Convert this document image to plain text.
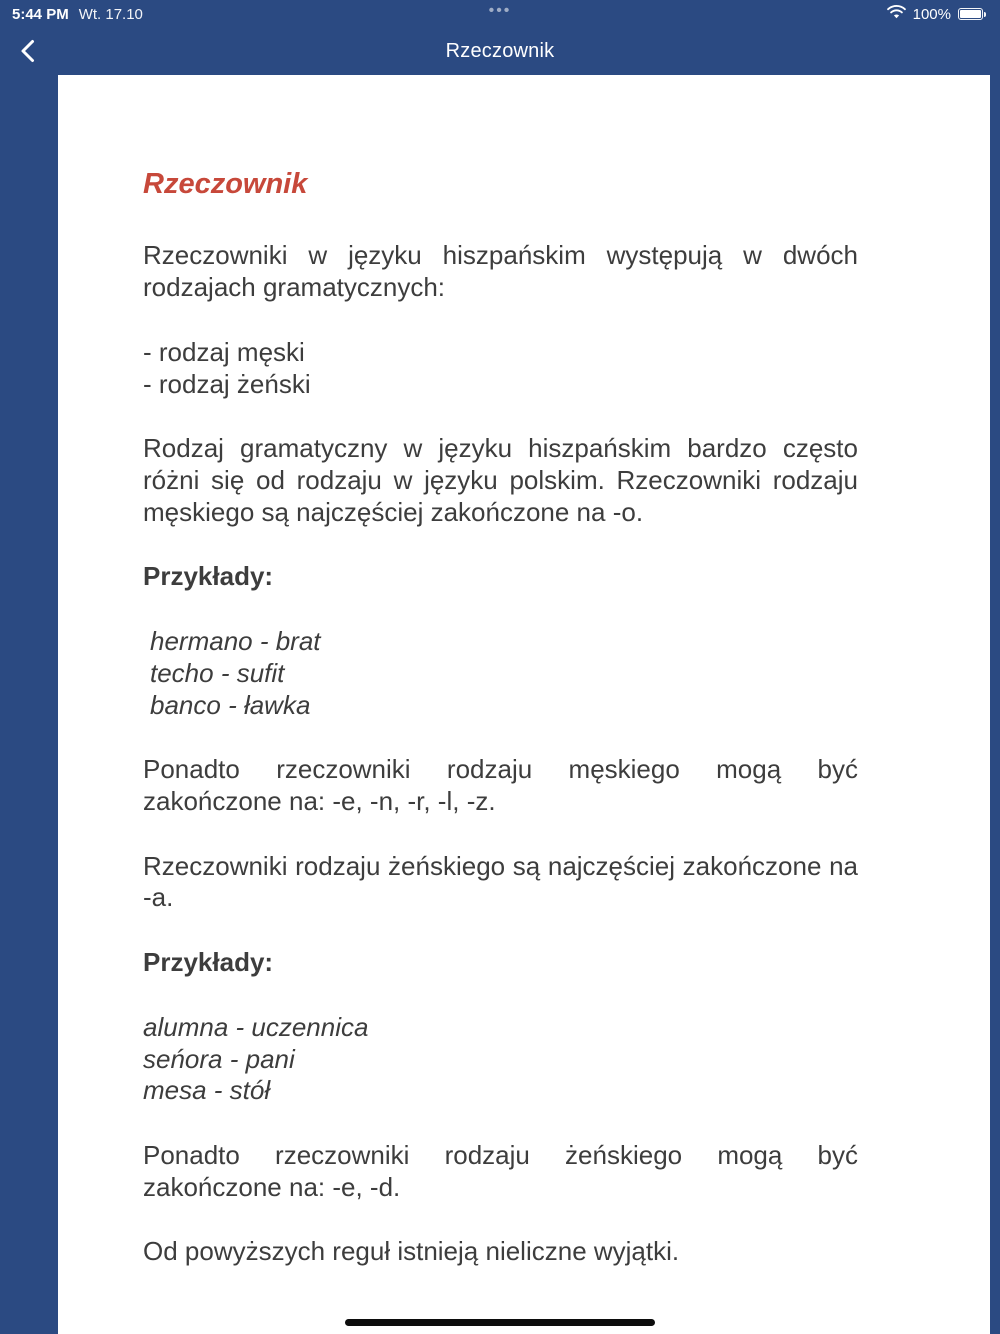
5:44 PM Wt. 17.10	•••	100%
Rzeczownik
Rzeczownik

Rzeczowniki w języku hiszpańskim występują w dwóch rodzajach gramatycznych:

- rodzaj męski
- rodzaj żeński

Rodzaj gramatyczny w języku hiszpańskim bardzo często różni się od rodzaju w języku polskim. Rzeczowniki rodzaju męskiego są najczęściej zakończone na -o.

Przykłady:
hermano - brat
techo - sufit
banco - ławka

Ponadto rzeczowniki rodzaju męskiego mogą być zakończone na: -e, -n, -r, -l, -z.

Rzeczowniki rodzaju żeńskiego są najczęściej zakończone na -a.

Przykłady:
alumna - uczennica
seńora - pani
mesa - stół

Ponadto rzeczowniki rodzaju żeńskiego mogą być zakończone na: -e, -d.

Od powyższych reguł istnieją nieliczne wyjątki.
